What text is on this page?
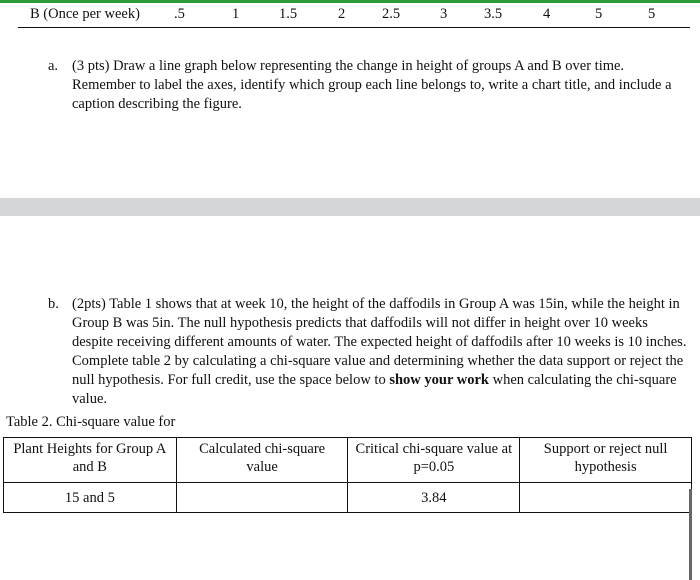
B (Once per week) .5	1	1.5	2	2.5	3	3.5	4	5	5
a. (3 pts) Draw a line graph below representing the change in height of groups A and B over time. Remember to label the axes, identify which group each line belongs to, write a chart title, and include a caption describing the figure.
b. (2pts) Table 1 shows that at week 10, the height of the daffodils in Group A was 15in, while the height in Group B was 5in. The null hypothesis predicts that daffodils will not differ in height over 10 weeks despite receiving different amounts of water. The expected height of daffodils after 10 weeks is 10 inches. Complete table 2 by calculating a chi-square value and determining whether the data support or reject the null hypothesis. For full credit, use the space below to show your work when calculating the chi-square value.
Table 2. Chi-square value for
Plant Heights for Group A and B	Calculated chi-square value	Critical chi-square value at p=0.05	Support or reject null hypothesis
15 and 5		3.84	
